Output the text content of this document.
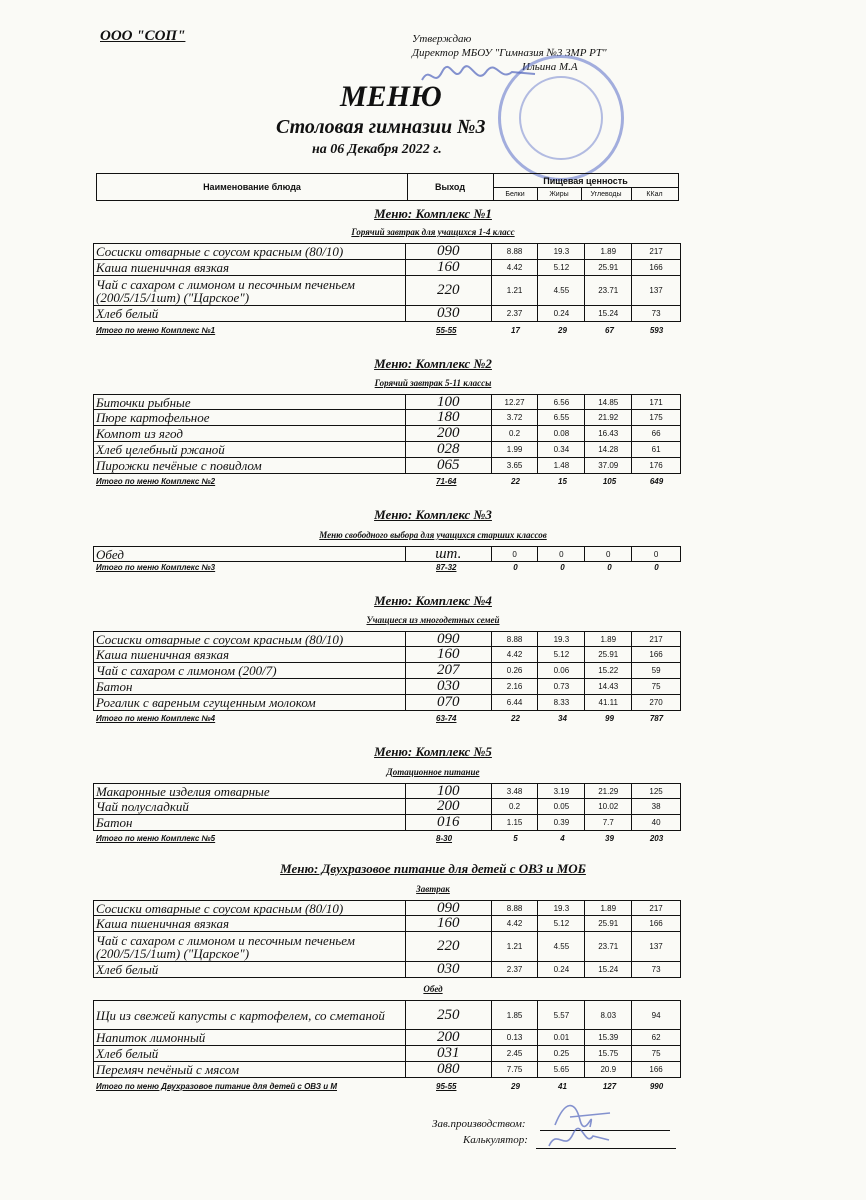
ООО "СОП"	Утверждаю
Директор МБОУ "Гимназия №3 ЗМР РТ"
Ильина М.А
МЕНЮ
Столовая гимназии №3
на 06 Декабря 2022 г.
Наименование блюда	Выход
Пищевая ценность
Белки	Жиры	Углеводы	ККал
Меню: Комплекс №1
Горячий завтрак для учащихся 1-4 класс
Сосиски отварные с соусом красным (80/10)	090	8.88	19.3	1.89	217
Каша пшеничная вязкая	160	4.42	5.12	25.91	166
Чай с сахаром с лимоном и песочным печеньем (200/5/15/1шт) ("Царское")	220	1.21	4.55	23.71	137
Хлеб белый	030	2.37	0.24	15.24	73
Итого по меню Комплекс №1	55-55	17	29	67	593
Меню: Комплекс №2
Горячий завтрак 5-11 классы
Биточки рыбные	100	12.27	6.56	14.85	171
Пюре картофельное	180	3.72	6.55	21.92	175
Компот из ягод	200	0.2	0.08	16.43	66
Хлеб целебный ржаной	028	1.99	0.34	14.28	61
Пирожки печёные с повидлом	065	3.65	1.48	37.09	176
Итого по меню Комплекс №2	71-64	22	15	105	649
Меню: Комплекс №3
Меню свободного выбора для учащихся старших классов
Обед	шт.	0	0	0	0
Итого по меню Комплекс №3	87-32	0	0	0	0
Меню: Комплекс №4
Учащиеся из многодетных семей
Сосиски отварные с соусом красным (80/10)	090	8.88	19.3	1.89	217
Каша пшеничная вязкая	160	4.42	5.12	25.91	166
Чай с сахаром с лимоном (200/7)	207	0.26	0.06	15.22	59
Батон	030	2.16	0.73	14.43	75
Рогалик с вареным сгущенным молоком	070	6.44	8.33	41.11	270
Итого по меню Комплекс №4	63-74	22	34	99	787
Меню: Комплекс №5
Дотационное питание
Макаронные изделия отварные	100	3.48	3.19	21.29	125
Чай полусладкий	200	0.2	0.05	10.02	38
Батон	016	1.15	0.39	7.7	40
Итого по меню Комплекс №5	8-30	5	4	39	203
Меню: Двухразовое питание для детей с ОВЗ и МОБ
Завтрак
Сосиски отварные с соусом красным (80/10)	090	8.88	19.3	1.89	217
Каша пшеничная вязкая	160	4.42	5.12	25.91	166
Чай с сахаром с лимоном и песочным печеньем (200/5/15/1шт) ("Царское")	220	1.21	4.55	23.71	137
Хлеб белый	030	2.37	0.24	15.24	73
Обед
Щи из свежей капусты с картофелем, со сметаной	250	1.85	5.57	8.03	94
Напиток лимонный	200	0.13	0.01	15.39	62
Хлеб белый	031	2.45	0.25	15.75	75
Перемяч печёный с мясом	080	7.75	5.65	20.9	166
Итого по меню Двухразовое питание для детей с ОВЗ и М	95-55	29	41	127	990
Зав.производством:
Калькулятор:
